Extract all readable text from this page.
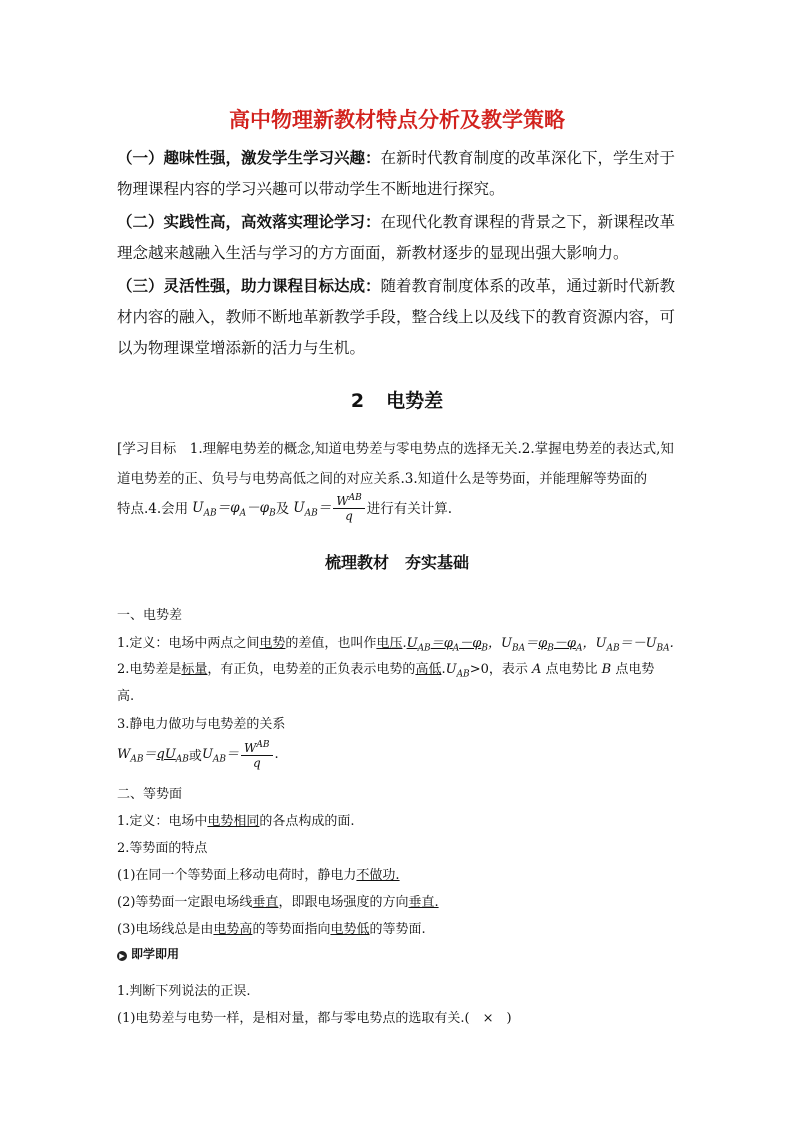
高中物理新教材特点分析及教学策略
（一）趣味性强，激发学生学习兴趣：在新时代教育制度的改革深化下，学生对于物理课程内容的学习兴趣可以带动学生不断地进行探究。
（二）实践性高，高效落实理论学习：在现代化教育课程的背景之下，新课程改革理念越来越融入生活与学习的方方面面，新教材逐步的显现出强大影响力。
（三）灵活性强，助力课程目标达成：随着教育制度体系的改革，通过新时代新教材内容的融入，教师不断地革新教学手段，整合线上以及线下的教育资源内容，可以为物理课堂增添新的活力与生机。
2 电势差
[学习目标　1.理解电势差的概念,知道电势差与零电势点的选择无关.2.掌握电势差的表达式,知道电势差的正、负号与电势高低之间的对应关系.3.知道什么是等势面，并能理解等势面的
特点.4.会用 $U_{AB}=\varphi_A-\varphi_B$ 及 $U_{AB}= \frac{W^{AB}}{q}$ 进行有关计算.
梳理教材　夯实基础
一、电势差
1.定义：电场中两点之间电势的差值，也叫作电压$.U_{AB}=\varphi_A-\varphi_B$，$U_{BA}=\varphi_B-\varphi_A$，$U_{AB}=-U_{BA}$.
2.电势差是标量，有正负，电势差的正负表示电势的高低$.U_{AB}>0$，表示 A 点电势比 B 点电势
高.
3.静电力做功与电势差的关系
$W_{AB}=qU_{AB}$ 或 $U_{AB}= \frac{W^{AB}}{q}$ .
二、等势面
1.定义：电场中电势相同的各点构成的面.
2.等势面的特点
(1)在同一个等势面上移动电荷时，静电力不做功.
(2)等势面一定跟电场线垂直，即跟电场强度的方向垂直.
(3)电场线总是由电势高的等势面指向电势低的等势面.
▶ 即学即用
1.判断下列说法的正误.
(1)电势差与电势一样，是相对量，都与零电势点的选取有关.(　×　)
